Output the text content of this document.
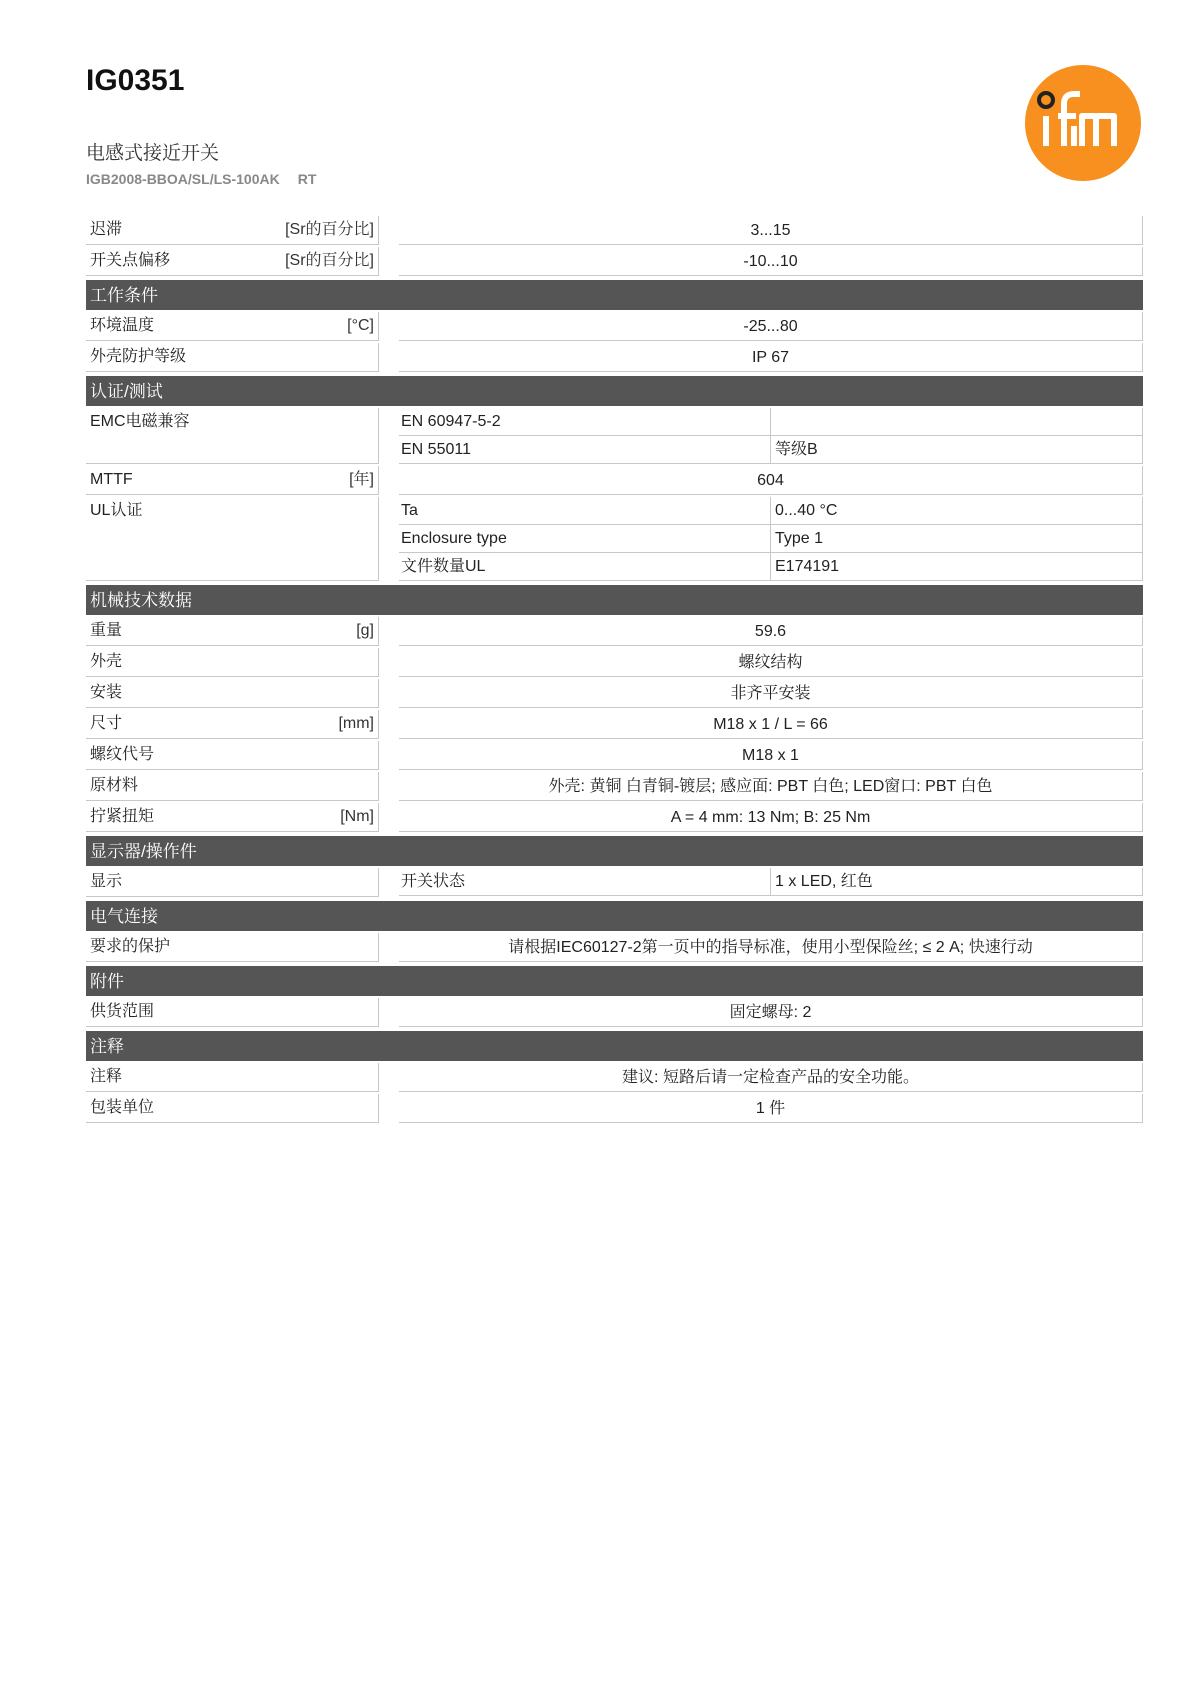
IG0351

电感式接近开关

IGB2008-BBOA/SL/LS-100AK RT

迟滞	[Sr的百分比]	3...15
开关点偏移	[Sr的百分比]	-10...10
工作条件
环境温度	[°C]	-25...80
外壳防护等级	IP 67
认证/测试
EMC电磁兼容	EN 60947-5-2
EN 55011	等级B
MTTF	[年]	604
UL认证	Ta	0...40 °C
Enclosure type	Type 1
文件数量UL	E174191
机械技术数据
重量	[g]	59.6
外壳	螺纹结构
安装	非齐平安装
尺寸	[mm]	M18 x 1 / L = 66
螺纹代号	M18 x 1
原材料	外壳: 黄铜 白青铜-镀层; 感应面: PBT 白色; LED窗口: PBT 白色
拧紧扭矩	[Nm]	A = 4 mm: 13 Nm; B: 25 Nm
显示器/操作件
显示	开关状态	1 x LED, 红色
电气连接
要求的保护	请根据IEC60127-2第一页中的指导标准，使用小型保险丝; ≤ 2 A; 快速行动
附件
供货范围	固定螺母: 2
注释
注释	建议: 短路后请一定检查产品的安全功能。
包装单位	1 件
